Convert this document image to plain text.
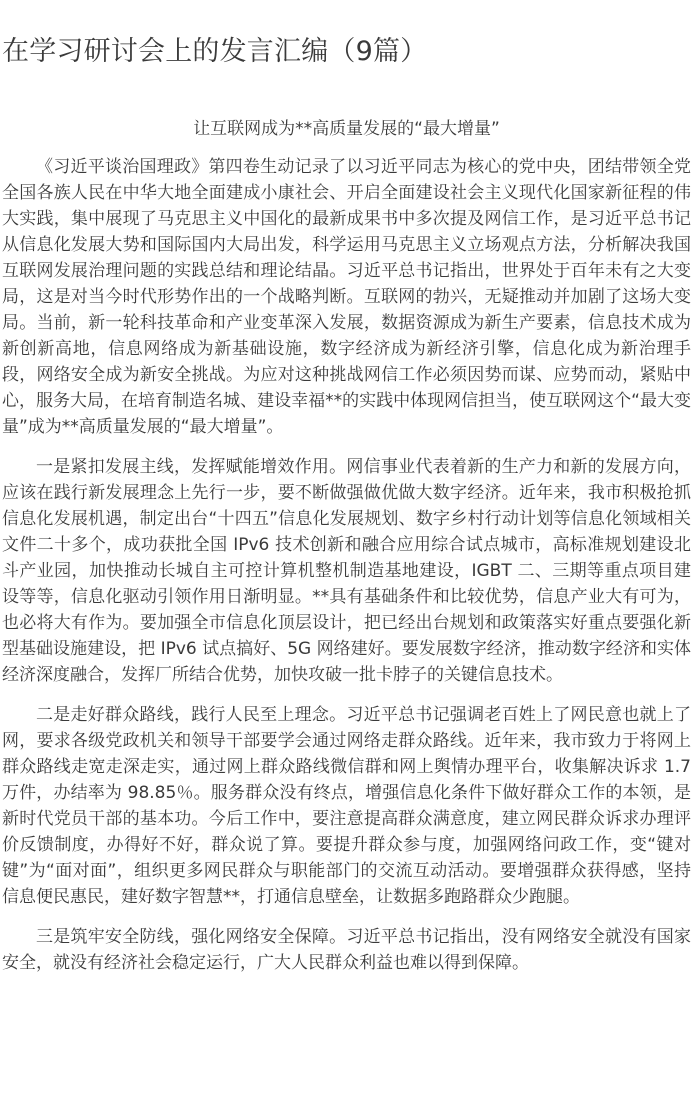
在学习研讨会上的发言汇编（9篇）

让互联网成为**高质量发展的“最大增量”

《习近平谈治国理政》第四卷生动记录了以习近平同志为核心的党中央，团结带领全党全国各族人民在中华大地全面建成小康社会、开启全面建设社会主义现代化国家新征程的伟大实践，集中展现了马克思主义中国化的最新成果书中多次提及网信工作，是习近平总书记从信息化发展大势和国际国内大局出发，科学运用马克思主义立场观点方法，分析解决我国互联网发展治理问题的实践总结和理论结晶。习近平总书记指出，世界处于百年未有之大变局，这是对当今时代形势作出的一个战略判断。互联网的勃兴，无疑推动并加剧了这场大变局。当前，新一轮科技革命和产业变革深入发展，数据资源成为新生产要素，信息技术成为新创新高地，信息网络成为新基础设施，数字经济成为新经济引擎，信息化成为新治理手段，网络安全成为新安全挑战。为应对这种挑战网信工作必须因势而谋、应势而动，紧贴中心，服务大局，在培育制造名城、建设幸福**的实践中体现网信担当，使互联网这个“最大变量”成为**高质量发展的“最大增量”。

一是紧扣发展主线，发挥赋能增效作用。网信事业代表着新的生产力和新的发展方向，应该在践行新发展理念上先行一步，要不断做强做优做大数字经济。近年来，我市积极抢抓信息化发展机遇，制定出台“十四五”信息化发展规划、数字乡村行动计划等信息化领域相关文件二十多个，成功获批全国 IPv6 技术创新和融合应用综合试点城市，高标准规划建设北斗产业园，加快推动长城自主可控计算机整机制造基地建设，IGBT 二、三期等重点项目建设等等，信息化驱动引领作用日渐明显。**具有基础条件和比较优势，信息产业大有可为，也必将大有作为。要加强全市信息化顶层设计，把已经出台规划和政策落实好重点要强化新型基础设施建设，把 IPv6 试点搞好、5G 网络建好。要发展数字经济，推动数字经济和实体经济深度融合，发挥厂所结合优势，加快攻破一批卡脖子的关键信息技术。

二是走好群众路线，践行人民至上理念。习近平总书记强调老百姓上了网民意也就上了网，要求各级党政机关和领导干部要学会通过网络走群众路线。近年来，我市致力于将网上群众路线走宽走深走实，通过网上群众路线微信群和网上舆情办理平台，收集解决诉求 1.7 万件，办结率为 98.85％。服务群众没有终点，增强信息化条件下做好群众工作的本领，是新时代党员干部的基本功。今后工作中，要注意提高群众满意度，建立网民群众诉求办理评价反馈制度，办得好不好，群众说了算。要提升群众参与度，加强网络问政工作，变“键对键”为“面对面”，组织更多网民群众与职能部门的交流互动活动。要增强群众获得感，坚持信息便民惠民，建好数字智慧**，打通信息壁垒，让数据多跑路群众少跑腿。

三是筑牢安全防线，强化网络安全保障。习近平总书记指出，没有网络安全就没有国家安全，就没有经济社会稳定运行，广大人民群众利益也难以得到保障。
